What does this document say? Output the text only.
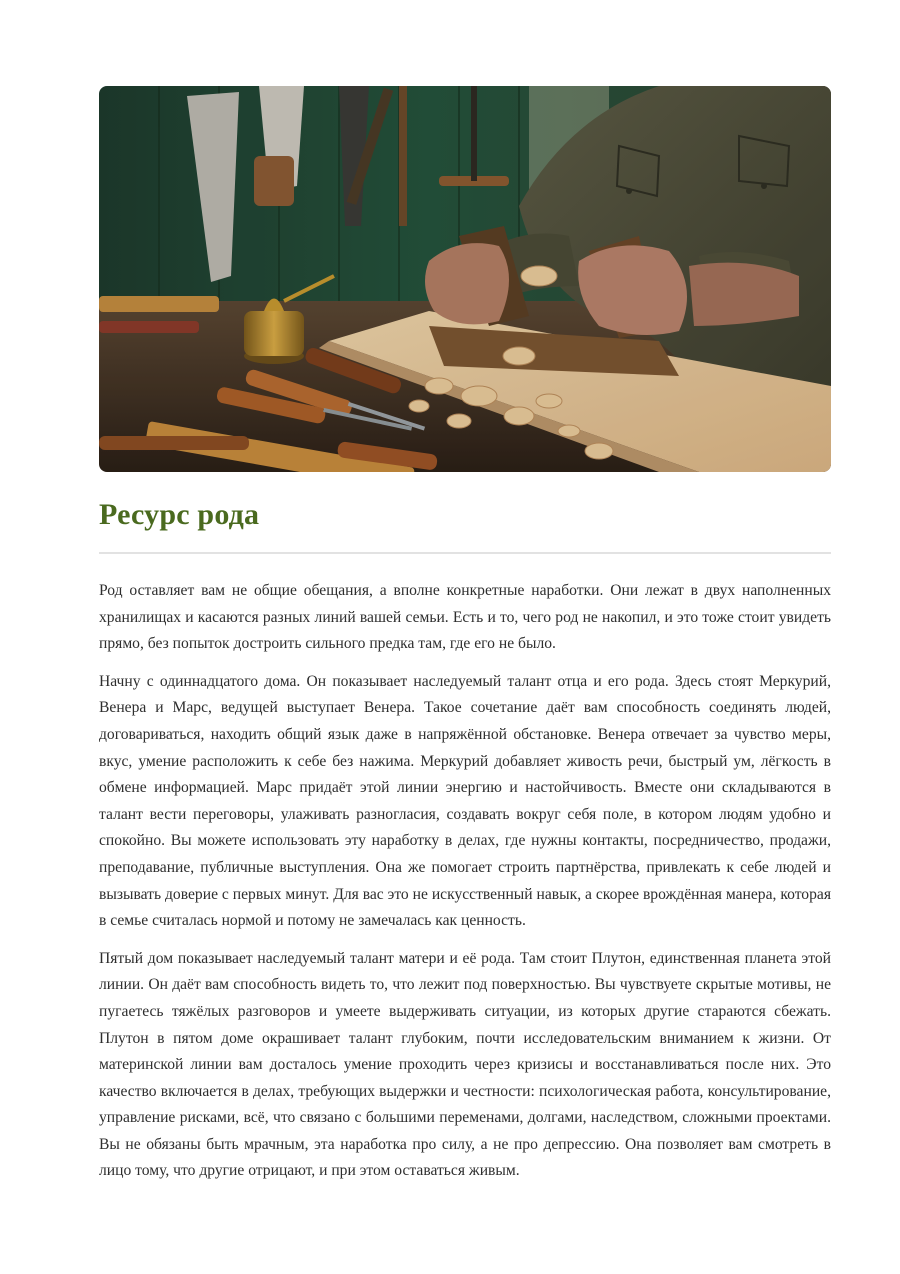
Ресурс рода

Род оставляет вам не общие обещания, а вполне конкретные наработки. Они лежат в двух наполненных хранилищах и касаются разных линий вашей семьи. Есть и то, чего род не накопил, и это тоже стоит увидеть прямо, без попыток достроить сильного предка там, где его не было.

Начну с одиннадцатого дома. Он показывает наследуемый талант отца и его рода. Здесь стоят Меркурий, Венера и Марс, ведущей выступает Венера. Такое сочетание даёт вам способность соединять людей, договариваться, находить общий язык даже в напряжённой обстановке. Венера отвечает за чувство меры, вкус, умение расположить к себе без нажима. Меркурий добавляет живость речи, быстрый ум, лёгкость в обмене информацией. Марс придаёт этой линии энергию и настойчивость. Вместе они складываются в талант вести переговоры, улаживать разногласия, создавать вокруг себя поле, в котором людям удобно и спокойно. Вы можете использовать эту наработку в делах, где нужны контакты, посредничество, продажи, преподавание, публичные выступления. Она же помогает строить партнёрства, привлекать к себе людей и вызывать доверие с первых минут. Для вас это не искусственный навык, а скорее врождённая манера, которая в семье считалась нормой и потому не замечалась как ценность.

Пятый дом показывает наследуемый талант матери и её рода. Там стоит Плутон, единственная планета этой линии. Он даёт вам способность видеть то, что лежит под поверхностью. Вы чувствуете скрытые мотивы, не пугаетесь тяжёлых разговоров и умеете выдерживать ситуации, из которых другие стараются сбежать. Плутон в пятом доме окрашивает талант глубоким, почти исследовательским вниманием к жизни. От материнской линии вам досталось умение проходить через кризисы и восстанавливаться после них. Это качество включается в делах, требующих выдержки и честности: психологическая работа, консультирование, управление рисками, всё, что связано с большими переменами, долгами, наследством, сложными проектами. Вы не обязаны быть мрачным, эта наработка про силу, а не про депрессию. Она позволяет вам смотреть в лицо тому, что другие отрицают, и при этом оставаться живым.
